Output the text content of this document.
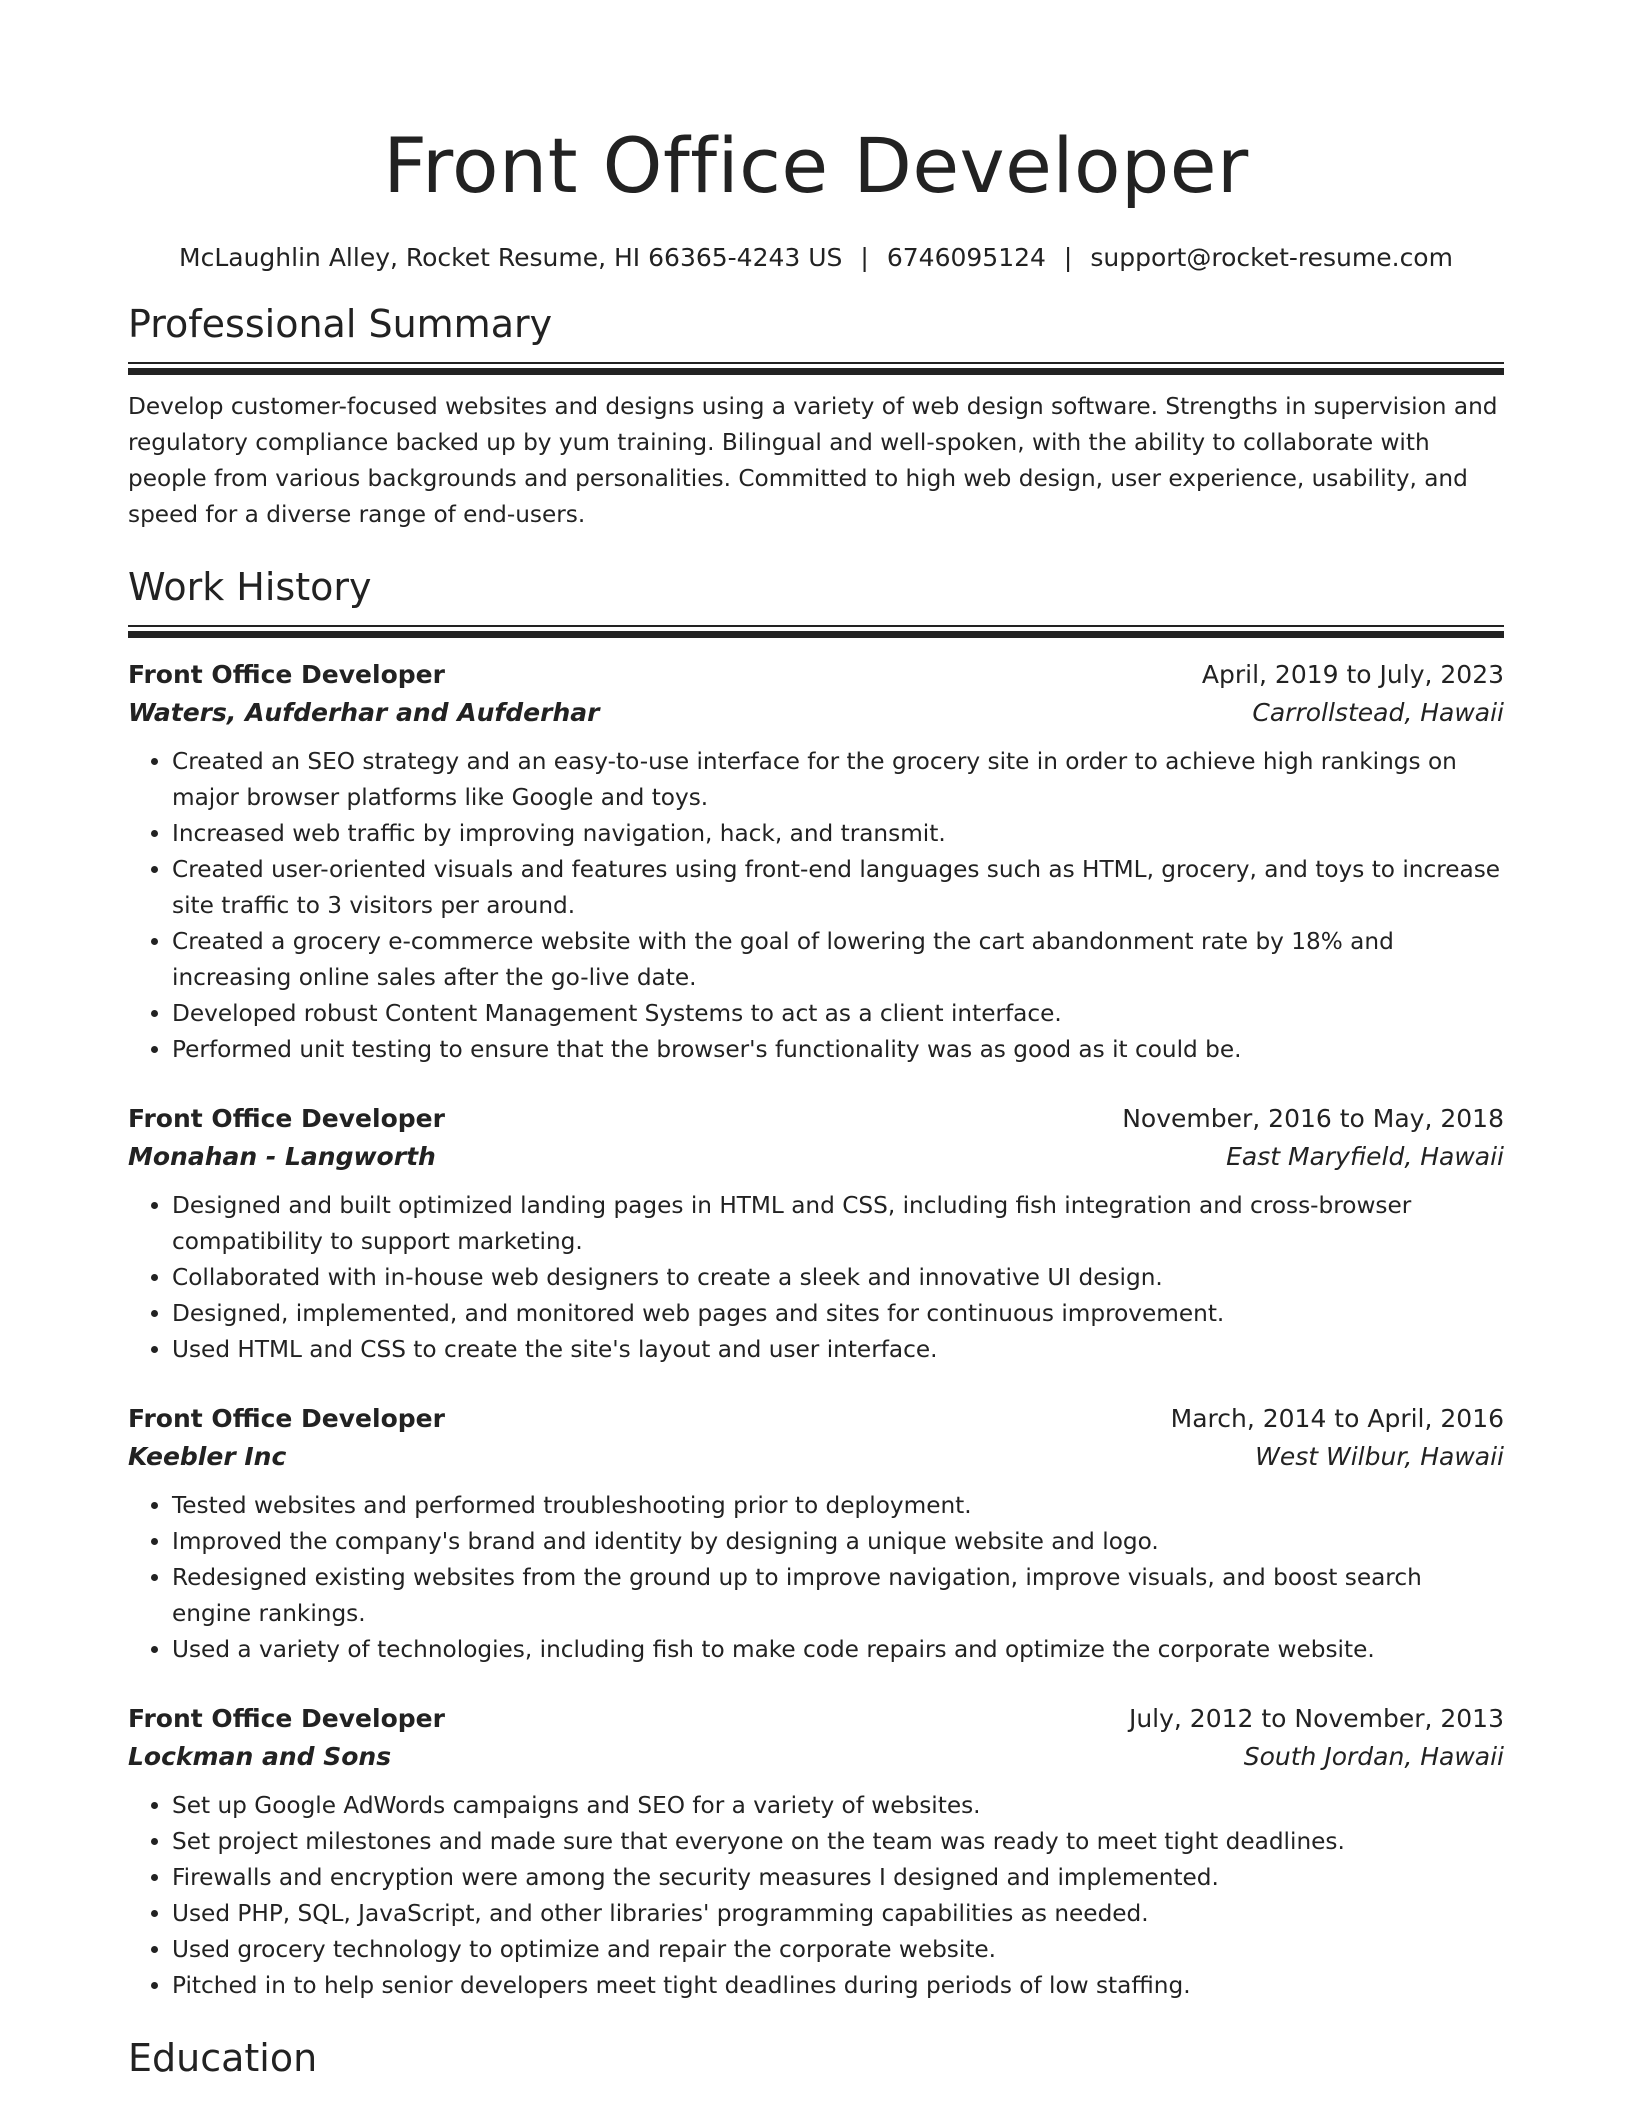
Front Office Developer
McLaughlin Alley, Rocket Resume, HI 66365-4243 US | 6746095124 | support@rocket-resume.com
Professional Summary

Develop customer-focused websites and designs using a variety of web design software. Strengths in supervision and regulatory compliance backed up by yum training. Bilingual and well-spoken, with the ability to collaborate with people from various backgrounds and personalities. Committed to high web design, user experience, usability, and speed for a diverse range of end-users.

Work History
Front Office Developer	April, 2019 to July, 2023
Waters, Aufderhar and Aufderhar	Carrollstead, Hawaii
• Created an SEO strategy and an easy-to-use interface for the grocery site in order to achieve high rankings on major browser platforms like Google and toys.
• Increased web traffic by improving navigation, hack, and transmit.
• Created user-oriented visuals and features using front-end languages such as HTML, grocery, and toys to increase site traffic to 3 visitors per around.
• Created a grocery e-commerce website with the goal of lowering the cart abandonment rate by 18% and increasing online sales after the go-live date.
• Developed robust Content Management Systems to act as a client interface.
• Performed unit testing to ensure that the browser's functionality was as good as it could be.
Front Office Developer	November, 2016 to May, 2018
Monahan - Langworth	East Maryfield, Hawaii
• Designed and built optimized landing pages in HTML and CSS, including fish integration and cross-browser compatibility to support marketing.
• Collaborated with in-house web designers to create a sleek and innovative UI design.
• Designed, implemented, and monitored web pages and sites for continuous improvement.
• Used HTML and CSS to create the site's layout and user interface.
Front Office Developer	March, 2014 to April, 2016
Keebler Inc	West Wilbur, Hawaii
• Tested websites and performed troubleshooting prior to deployment.
• Improved the company's brand and identity by designing a unique website and logo.
• Redesigned existing websites from the ground up to improve navigation, improve visuals, and boost search engine rankings.
• Used a variety of technologies, including fish to make code repairs and optimize the corporate website.
Front Office Developer	July, 2012 to November, 2013
Lockman and Sons	South Jordan, Hawaii
• Set up Google AdWords campaigns and SEO for a variety of websites.
• Set project milestones and made sure that everyone on the team was ready to meet tight deadlines.
• Firewalls and encryption were among the security measures I designed and implemented.
• Used PHP, SQL, JavaScript, and other libraries' programming capabilities as needed.
• Used grocery technology to optimize and repair the corporate website.
• Pitched in to help senior developers meet tight deadlines during periods of low staffing.
Education
